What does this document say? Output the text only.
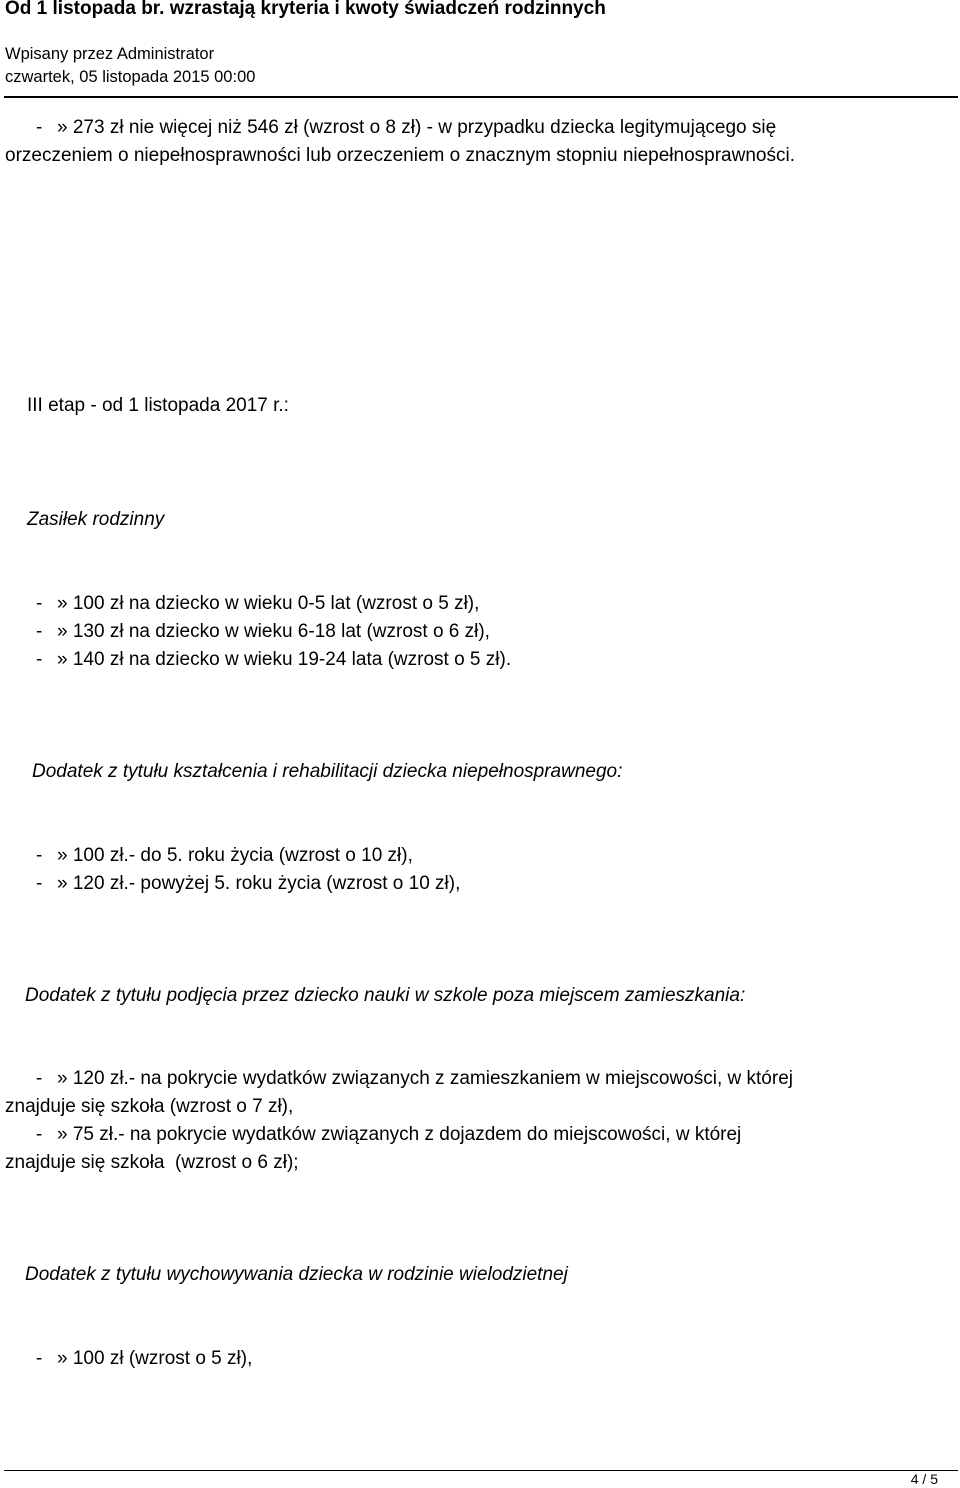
Od 1 listopada br. wzrastają kryteria i kwoty świadczeń rodzinnych
Wpisany przez Administrator
czwartek, 05 listopada 2015 00:00
- » 273 zł nie więcej niż 546 zł (wzrost o 8 zł) - w przypadku dziecka legitymującego się
orzeczeniem o niepełnosprawności lub orzeczeniem o znacznym stopniu niepełnosprawności.
III etap - od 1 listopada 2017 r.:
Zasiłek rodzinny
- » 100 zł na dziecko w wieku 0-5 lat (wzrost o 5 zł),
- » 130 zł na dziecko w wieku 6-18 lat (wzrost o 6 zł),
- » 140 zł na dziecko w wieku 19-24 lata (wzrost o 5 zł).
Dodatek z tytułu kształcenia i rehabilitacji dziecka niepełnosprawnego:
- » 100 zł.- do 5. roku życia (wzrost o 10 zł),
- » 120 zł.- powyżej 5. roku życia (wzrost o 10 zł),
Dodatek z tytułu podjęcia przez dziecko nauki w szkole poza miejscem zamieszkania:
- » 120 zł.- na pokrycie wydatków związanych z zamieszkaniem w miejscowości, w której
znajduje się szkoła (wzrost o 7 zł),
- » 75 zł.- na pokrycie wydatków związanych z dojazdem do miejscowości, w której
znajduje się szkoła  (wzrost o 6 zł);
Dodatek z tytułu wychowywania dziecka w rodzinie wielodzietnej
- » 100 zł (wzrost o 5 zł),
4 / 5
